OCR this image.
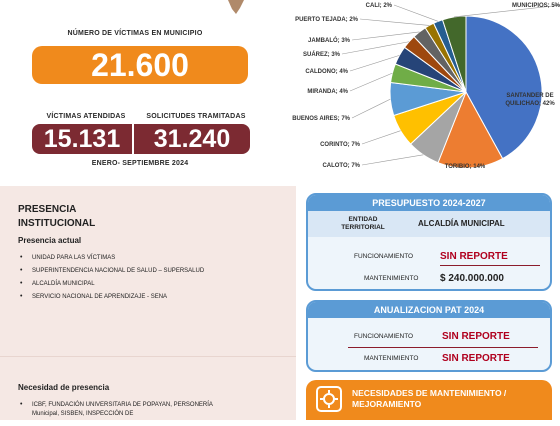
NÚMERO DE VÍCTIMAS EN MUNICIPIO
21.600
VÍCTIMAS ATENDIDAS	SOLICITUDES TRAMITADAS
15.131	31.240
ENERO- SEPTIEMBRE 2024
SANTANDER DE QUILICHAO; 42%
TORIBIO; 14%
CALOTO; 7%
CORINTO; 7%
BUENOS AIRES; 7%
MIRANDA; 4%
CALDONO; 4%
SUÁREZ; 3%
JAMBALÓ; 3%
PUERTO TEJADA; 2%
CALI; 2%	MUNICIPIOS; 5%
PRESENCIA INSTITUCIONAL
Presencia actual
• UNIDAD PARA LAS VÍCTIMAS
• SUPERINTENDENCIA NACIONAL DE SALUD – SUPERSALUD
• ALCALDÍA MUNICIPAL
• SERVICIO NACIONAL DE APRENDIZAJE - SENA
Necesidad de presencia
• ICBF, FUNDACIÓN UNIVERSITARIA DE POPAYAN, PERSONERÍA Municipal, SISBEN, INSPECCIÓN DE
PRESUPUESTO 2024-2027
ENTIDAD TERRITORIAL	ALCALDÍA MUNICIPAL
FUNCIONAMIENTO	SIN REPORTE
MANTENIMIENTO $ 240.000.000
ANUALIZACION PAT 2024
FUNCIONAMIENTO	SIN REPORTE
MANTENIMIENTO SIN REPORTE
NECESIDADES DE MANTENIMIENTO / MEJORAMIENTO
